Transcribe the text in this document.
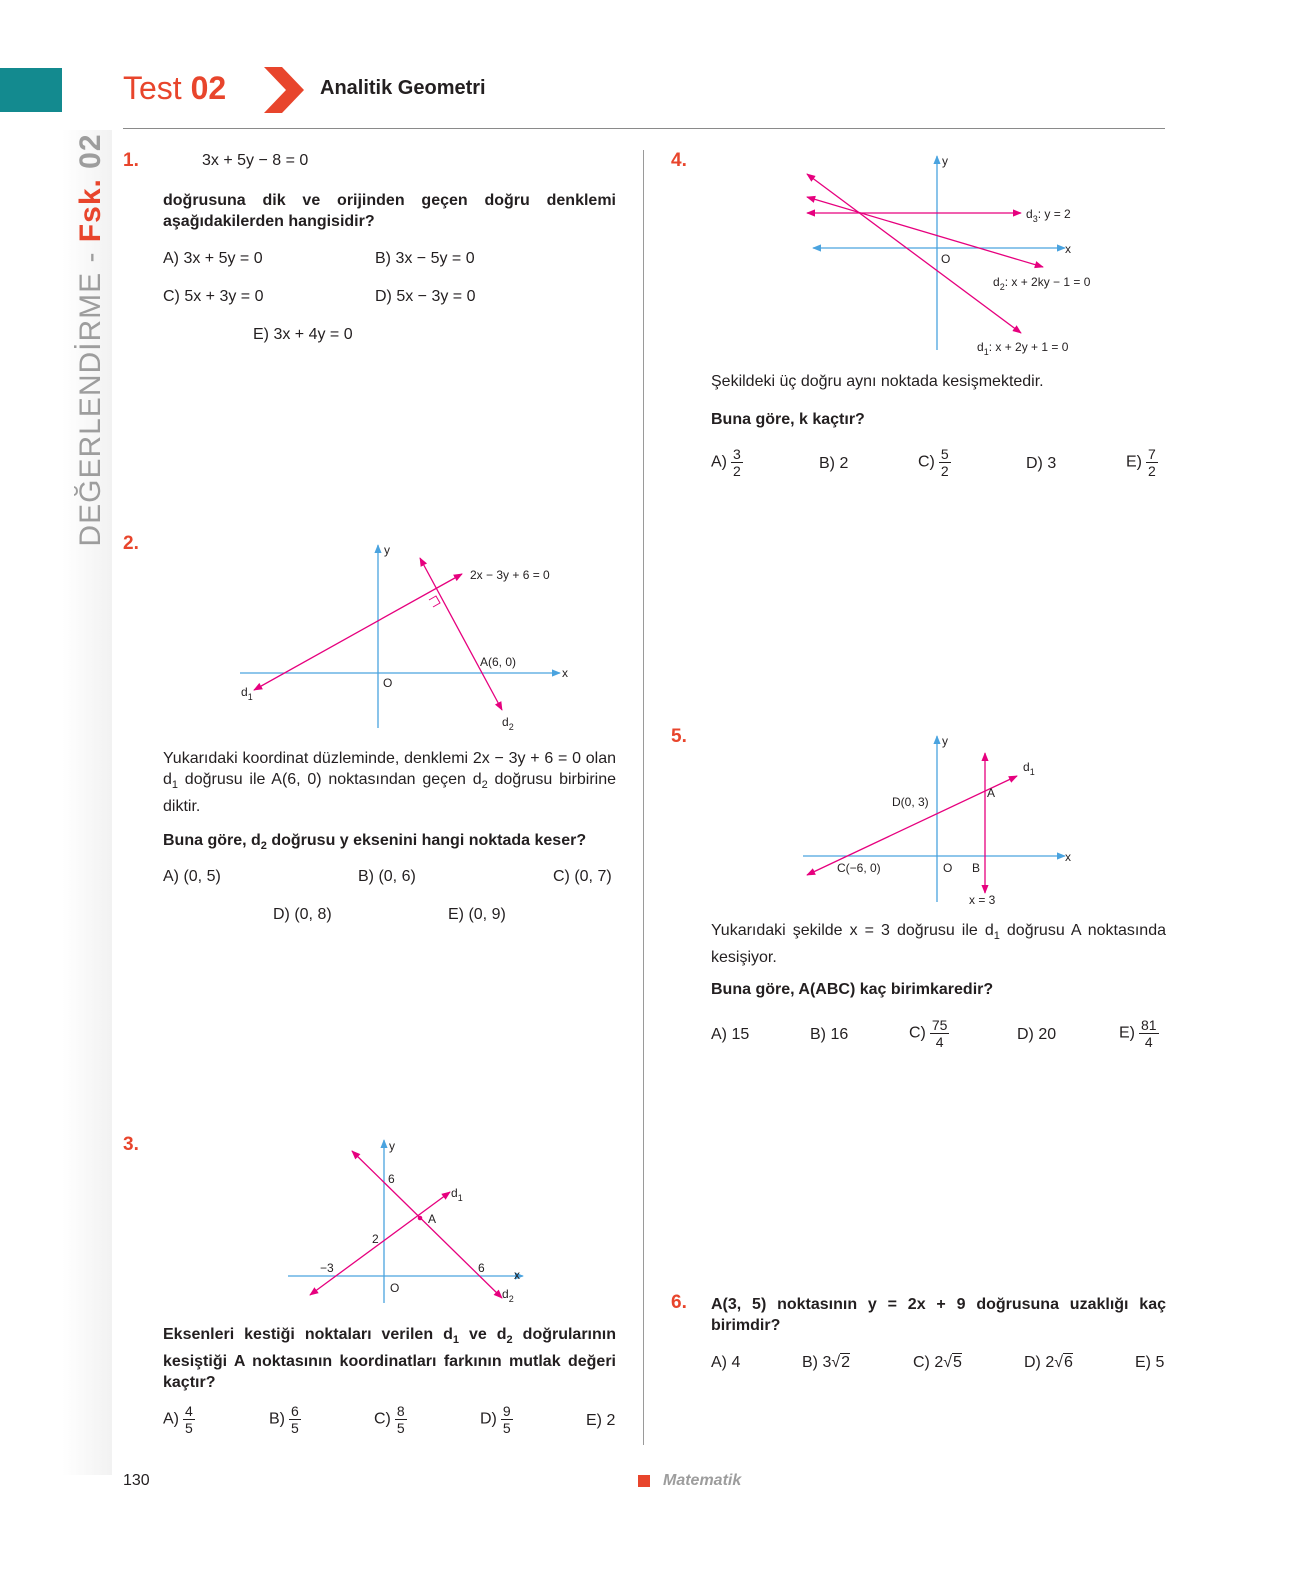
DEĞERLENDİRME - Fsk. 02
Test 02	Analitik Geometri
1.	3x + 5y − 8 = 0
doğrusuna dik ve orijinden geçen doğru denklemi aşağıdakilerden hangisidir?
A) 3x + 5y = 0	B) 3x − 5y = 0
C) 5x + 3y = 0	D) 5x − 3y = 0
E) 3x + 4y = 0
2.	y
x
O
2x − 3y + 6 = 0
A(6, 0)
$d_1$
$d_2$
Yukarıdaki koordinat düzleminde, denklemi 2x − 3y + 6 = 0 olan $d_1$ doğrusu ile A(6, 0) noktasından geçen $d_2$ doğrusu birbirine diktir.
Buna göre, $d_2$ doğrusu y eksenini hangi noktada keser?
A) (0, 5)	B) (0, 6)	C) (0, 7)
D) (0, 8)	E) (0, 9)
3.	y
x
O
6
2
−3	6
A
$d_1$
$d_2$
Eksenleri kestiği noktaları verilen $d_1$ ve $d_2$ doğrularının kesiştiği A noktasının koordinatları farkının mutlak değeri kaçtır?
$A) \frac{4}{5}$	$B) \frac{6}{5}$	$C) \frac{8}{5}$	$D) \frac{9}{5}$	E) 2
4.	y
x
O
$d_3$: y = 2
$d_2$: x + 2ky − 1 = 0
$d_1$: x + 2y + 1 = 0
Şekildeki üç doğru aynı noktada kesişmektedir.
Buna göre, k kaçtır?
$A) \frac{3}{2}$	B) 2	$C) \frac{5}{2}$	D) 3	$E) \frac{7}{2}$
5.	y
x
O B
A
D(0, 3)
C(−6, 0)
x = 3
$d_1$
Yukarıdaki şekilde x = 3 doğrusu ile $d_1$ doğrusu A noktasında kesişiyor.
Buna göre, A(ABC) kaç birimkaredir?
A) 15	B) 16	$C) \frac{75}{4}$	D) 20	$E) \frac{81}{4}$
6. A(3, 5) noktasının y = 2x + 9 doğrusuna uzaklığı kaç birimdir?
A) 4	B) 3√2	C) 2√5	D) 2√6	E) 5
130	Matematik
